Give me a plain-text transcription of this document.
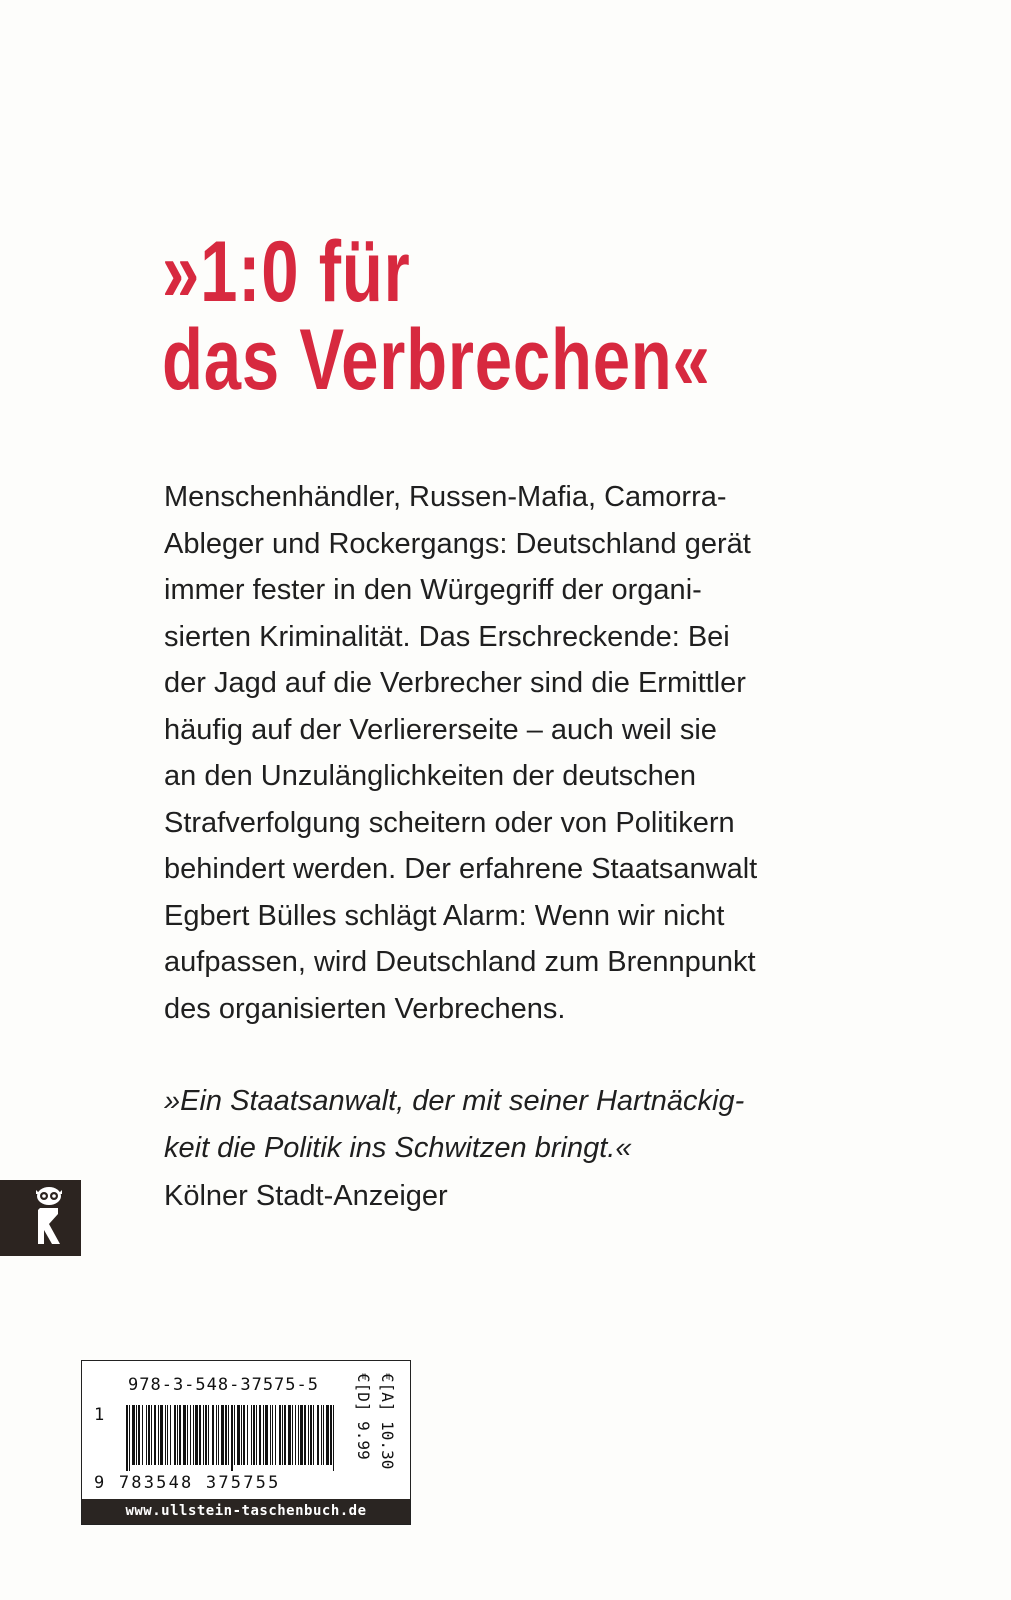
»1:0 für
das Verbrechen«
Menschenhändler, Russen-Mafia, Camorra-
Ableger und Rockergangs: Deutschland gerät
immer fester in den Würgegriff der organi-
sierten Kriminalität. Das Erschreckende: Bei
der Jagd auf die Verbrecher sind die Ermittler
häufig auf der Verliererseite – auch weil sie
an den Unzulänglichkeiten der deutschen
Strafverfolgung scheitern oder von Politikern
behindert werden. Der erfahrene Staatsanwalt
Egbert Bülles schlägt Alarm: Wenn wir nicht
aufpassen, wird Deutschland zum Brennpunkt
des organisierten Verbrechens.
»Ein Staatsanwalt, der mit seiner Hartnäckig-
keit die Politik ins Schwitzen bringt.«
Kölner Stadt-Anzeiger
978-3-548-37575-5
1
9 783548 375755
€[D] 9.99 €[A] 10.30
www.ullstein-taschenbuch.de
